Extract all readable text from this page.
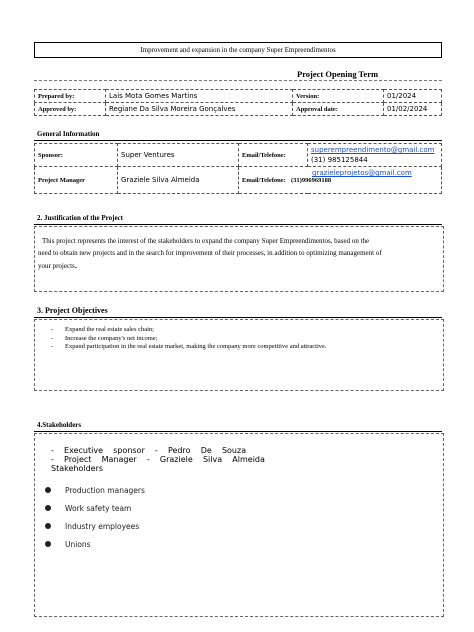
Improvement and expansion in the company Super Empreendimentos
Project Opening Term
Prepared by:	Lais Mota Gomes Martins	Version:	01/2024
Approved by:	Regiane Da Silva Moreira Gonçalves	Approval date:	01/02/2024
General Information
Sponsor:	Super Ventures	Email/Telefone:	superempreendimento@gmail.com
(31) 985125844

Project Manager	Graziele Silva Almeida	Email/Telefone: (31)996969188
grazieleprojetos@gmail.com	
2. Justification of the Project
This project represents the interest of the stakeholders to expand the company Super Empreendimentos, based on the
need to obtain new projects and in the search for improvement of their processes, in addition to optimizing management of
your projects.
3. Project Objectives
- Expand the real estate sales chain;
- Increase the company's net income;
- Expand participation in the real estate market, making the company more competitive and attractive.
4.Stakeholders
-    Executive    sponsor    -    Pedro    De    Souza
-    Project    Manager    -    Graziele    Silva    Almeida
Stakeholders
Production managers
Work safety team
Industry employees
Unions
